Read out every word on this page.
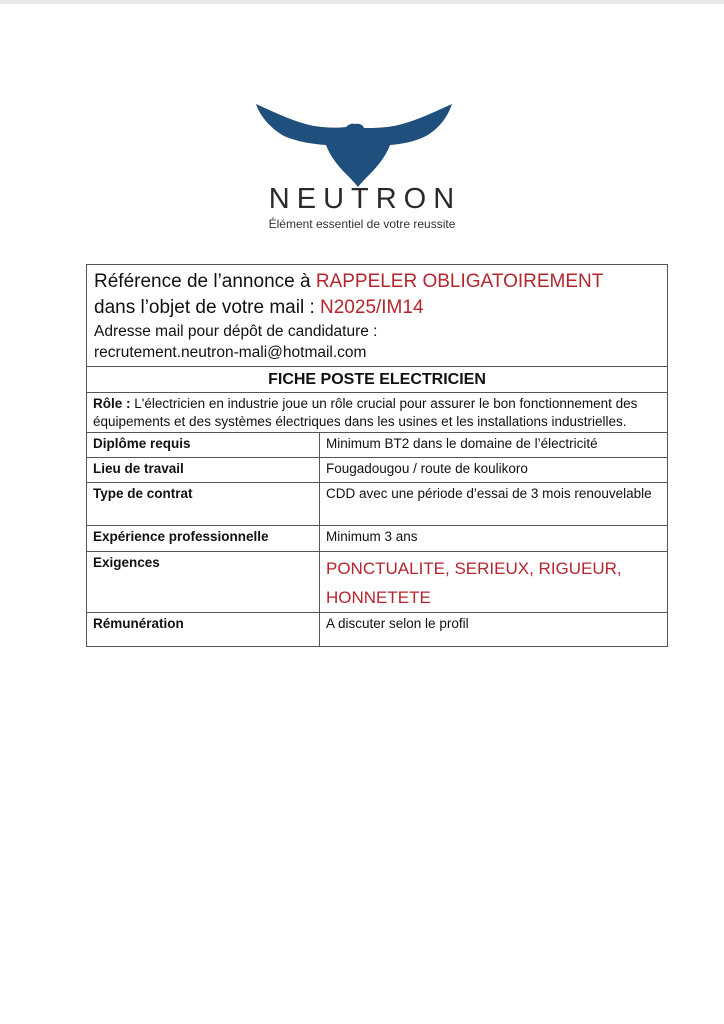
NEUTRON
Élément essentiel de votre reussite
Référence de l’annonce à RAPPELER OBLIGATOIREMENT
dans l’objet de votre mail : N2025/IM14
Adresse mail pour dépôt de candidature :
recrutement.neutron-mali@hotmail.com	

FICHE POSTE ELECTRICIEN	
Rôle : L'électricien en industrie joue un rôle crucial pour assurer le bon fonctionnement des équipements et des systèmes électriques dans les usines et les installations industrielles.	
Diplôme requis	Minimum BT2 dans le domaine de l’électricité
Lieu de travail	Fougadougou / route de koulikoro
Type de contrat	CDD avec une période d’essai de 3 mois renouvelable
Expérience professionnelle	Minimum 3 ans
Exigences	PONCTUALITE, SERIEUX, RIGUEUR, HONNETETE
Rémunération	A discuter selon le profil
